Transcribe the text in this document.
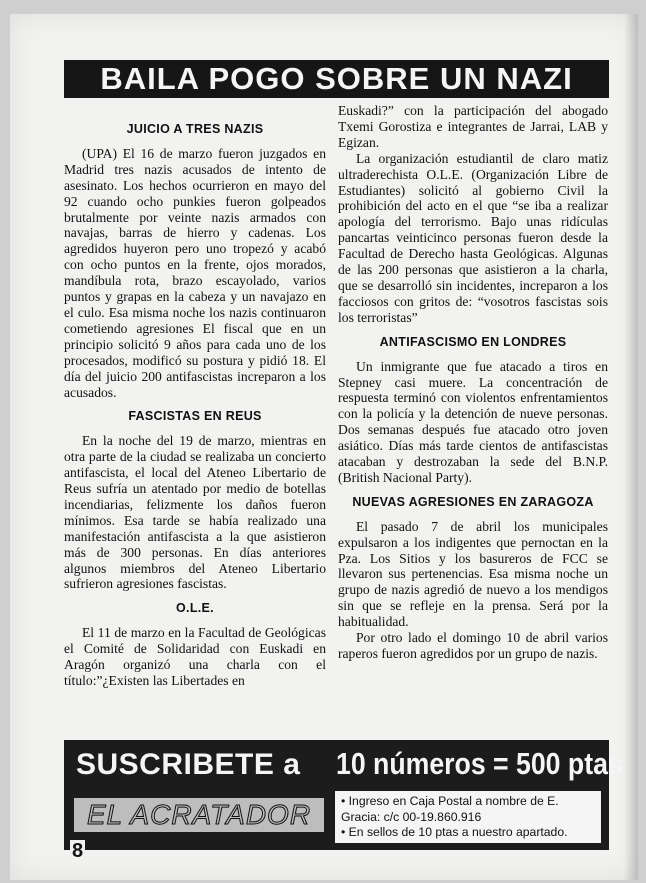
BAILA POGO SOBRE UN NAZI
JUICIO A TRES NAZIS

(UPA) El 16 de marzo fueron juzgados en Madrid tres nazis acusados de intento de asesinato. Los hechos ocurrieron en mayo del 92 cuando ocho punkies fueron golpeados brutalmente por veinte nazis armados con navajas, barras de hierro y cadenas. Los agredidos huyeron pero uno tropezó y acabó con ocho puntos en la frente, ojos morados, mandíbula rota, brazo escayolado, varios puntos y grapas en la cabeza y un navajazo en el culo. Esa misma noche los nazis continuaron cometiendo agresiones El fiscal que en un principio solicitó 9 años para cada uno de los procesados, modificó su postura y pidió 18. El día del juicio 200 antifascistas increparon a los acusados.

FASCISTAS EN REUS

En la noche del 19 de marzo, mientras en otra parte de la ciudad se realizaba un concierto antifascista, el local del Ateneo Libertario de Reus sufría un atentado por medio de botellas incendiarias, felizmente los daños fueron mínimos. Esa tarde se había realizado una manifestación antifascista a la que asistieron más de 300 personas. En días anteriores algunos miembros del Ateneo Libertario sufrieron agresiones fascistas.

O.L.E.

El 11 de marzo en la Facultad de Geológicas el Comité de Solidaridad con Euskadi en Aragón organizó una charla con el título:”¿Existen las Libertades en

Euskadi?” con la participación del abogado Txemi Gorostiza e integrantes de Jarrai, LAB y Egizan.

La organización estudiantil de claro matiz ultraderechista O.L.E. (Organización Libre de Estudiantes) solicitó al gobierno Civil la prohibición del acto en el que “se iba a realizar apología del terrorismo. Bajo unas ridículas pancartas veinticinco personas fueron desde la Facultad de Derecho hasta Geológicas. Algunas de las 200 personas que asistieron a la charla, que se desarrolló sin incidentes, increparon a los facciosos con gritos de: “vosotros fascistas sois los terroristas”

ANTIFASCISMO EN LONDRES

Un inmigrante que fue atacado a tiros en Stepney casi muere. La concentración de respuesta terminó con violentos enfrentamientos con la policía y la detención de nueve personas. Dos semanas después fue atacado otro joven asiático. Días más tarde cientos de antifascistas atacaban y destrozaban la sede del B.N.P. (British Nacional Party).

NUEVAS AGRESIONES EN ZARAGOZA

El pasado 7 de abril los municipales expulsaron a los indigentes que pernoctan en la Pza. Los Sitios y los basureros de FCC se llevaron sus pertenencias. Esa misma noche un grupo de nazis agredió de nuevo a los mendigos sin que se refleje en la prensa. Será por la habitualidad.

Por otro lado el domingo 10 de abril varios raperos fueron agredidos por un grupo de nazis.

SUSCRIBETE a 10 números = 500 ptas
EL ACRATADOR	• Ingreso en Caja Postal a nombre de E.
Gracia: c/c 00-19.860.916
• En sellos de 10 ptas a nuestro apartado.
8
